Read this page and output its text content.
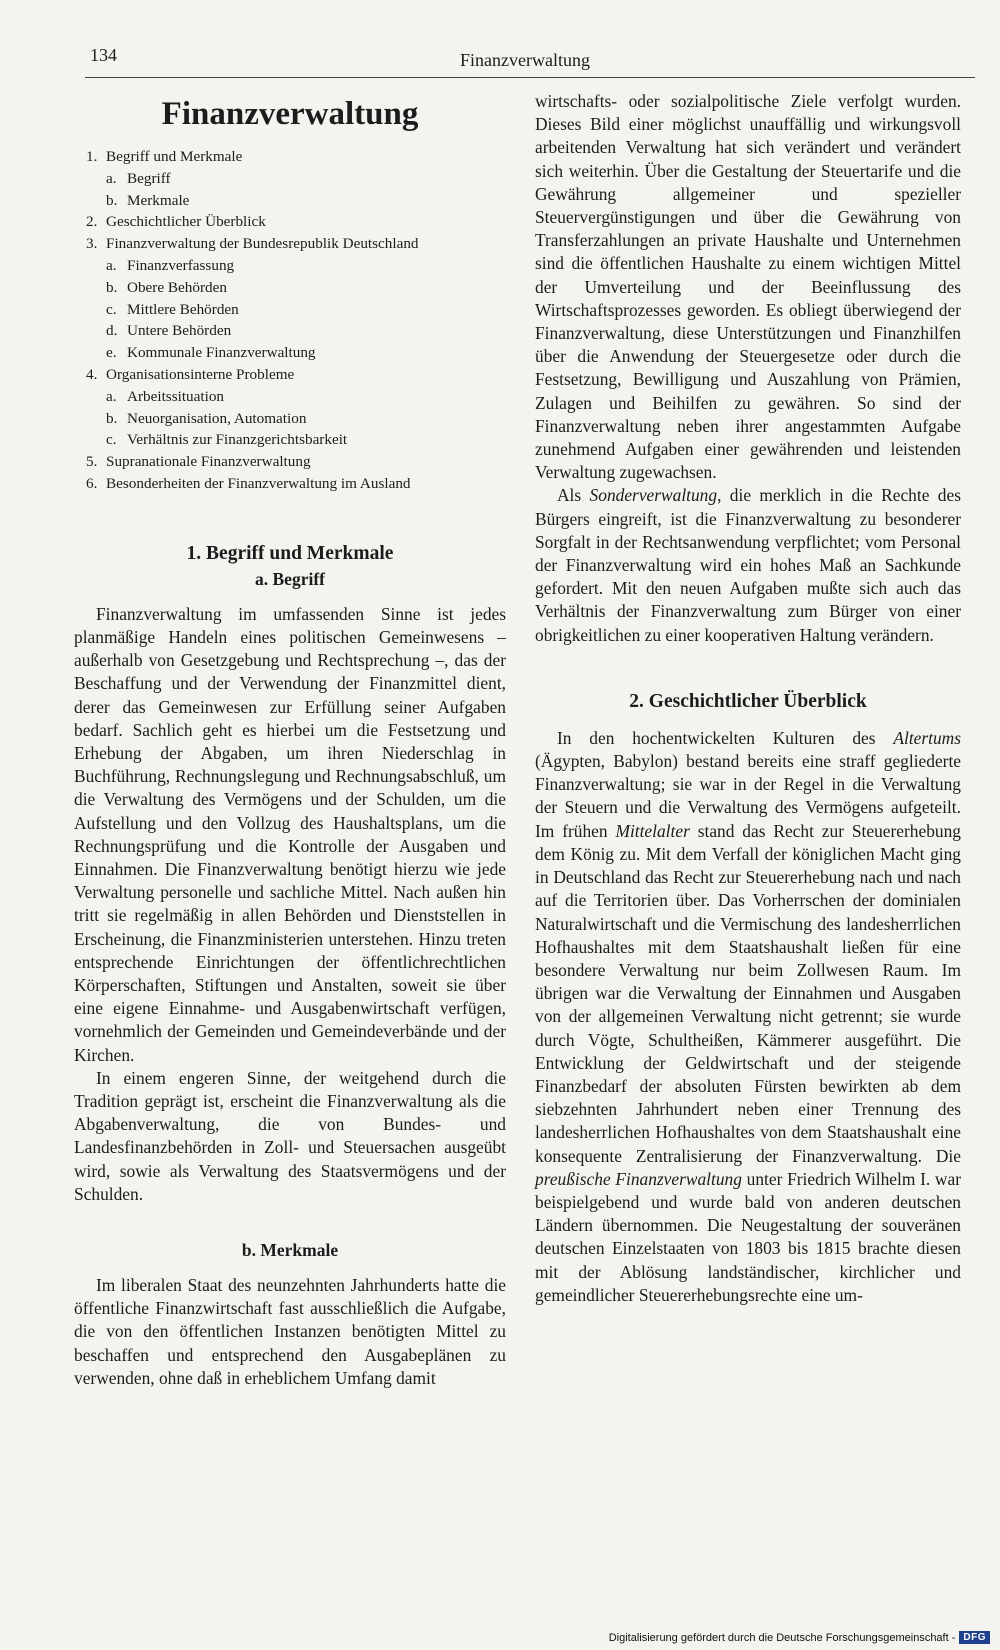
134	Finanzverwaltung
Finanzverwaltung
1. Begriff und Merkmale
a. Begriff
b. Merkmale
2. Geschichtlicher Überblick
3. Finanzverwaltung der Bundesrepublik Deutschland
a. Finanzverfassung
b. Obere Behörden
c. Mittlere Behörden
d. Untere Behörden
e. Kommunale Finanzverwaltung
4. Organisationsinterne Probleme
a. Arbeitssituation
b. Neuorganisation, Automation
c. Verhältnis zur Finanzgerichtsbarkeit
5. Supranationale Finanzverwaltung
6. Besonderheiten der Finanzverwaltung im Ausland
1. Begriff und Merkmale
a. Begriff

Finanzverwaltung im umfassenden Sinne ist jedes planmäßige Handeln eines politischen Gemeinwesens – außerhalb von Gesetzgebung und Rechtsprechung –, das der Beschaffung und der Verwendung der Finanzmittel dient, derer das Gemeinwesen zur Erfüllung seiner Aufgaben bedarf. Sachlich geht es hierbei um die Festsetzung und Erhebung der Abgaben, um ihren Niederschlag in Buchführung, Rechnungslegung und Rechnungsabschluß, um die Verwaltung des Vermögens und der Schulden, um die Aufstellung und den Vollzug des Haushaltsplans, um die Rechnungsprüfung und die Kontrolle der Ausgaben und Einnahmen. Die Finanzverwaltung benötigt hierzu wie jede Verwaltung personelle und sachliche Mittel. Nach außen hin tritt sie regelmäßig in allen Behörden und Dienststellen in Erscheinung, die Finanzministerien unterstehen. Hinzu treten entsprechende Einrichtungen der öffentlichrechtlichen Körperschaften, Stiftungen und Anstalten, soweit sie über eine eigene Einnahme- und Ausgabenwirtschaft verfügen, vornehmlich der Gemeinden und Gemeindeverbände und der Kirchen.

In einem engeren Sinne, der weitgehend durch die Tradition geprägt ist, erscheint die Finanzverwaltung als die Abgabenverwaltung, die von Bundes- und Landesfinanzbehörden in Zoll- und Steuersachen ausgeübt wird, sowie als Verwaltung des Staatsvermögens und der Schulden.

b. Merkmale

Im liberalen Staat des neunzehnten Jahrhunderts hatte die öffentliche Finanzwirtschaft fast ausschließlich die Aufgabe, die von den öffentlichen Instanzen benötigten Mittel zu beschaffen und entsprechend den Ausgabeplänen zu verwenden, ohne daß in erheblichem Umfang damit

wirtschafts- oder sozialpolitische Ziele verfolgt wurden. Dieses Bild einer möglichst unauffällig und wirkungsvoll arbeitenden Verwaltung hat sich verändert und verändert sich weiterhin. Über die Gestaltung der Steuertarife und die Gewährung allgemeiner und spezieller Steuervergünstigungen und über die Gewährung von Transferzahlungen an private Haushalte und Unternehmen sind die öffentlichen Haushalte zu einem wichtigen Mittel der Umverteilung und der Beeinflussung des Wirtschaftsprozesses geworden. Es obliegt überwiegend der Finanzverwaltung, diese Unterstützungen und Finanzhilfen über die Anwendung der Steuergesetze oder durch die Festsetzung, Bewilligung und Auszahlung von Prämien, Zulagen und Beihilfen zu gewähren. So sind der Finanzverwaltung neben ihrer angestammten Aufgabe zunehmend Aufgaben einer gewährenden und leistenden Verwaltung zugewachsen.

Als Sonderverwaltung, die merklich in die Rechte des Bürgers eingreift, ist die Finanzverwaltung zu besonderer Sorgfalt in der Rechtsanwendung verpflichtet; vom Personal der Finanzverwaltung wird ein hohes Maß an Sachkunde gefordert. Mit den neuen Aufgaben mußte sich auch das Verhältnis der Finanzverwaltung zum Bürger von einer obrigkeitlichen zu einer kooperativen Haltung verändern.

2. Geschichtlicher Überblick

In den hochentwickelten Kulturen des Altertums (Ägypten, Babylon) bestand bereits eine straff gegliederte Finanzverwaltung; sie war in der Regel in die Verwaltung der Steuern und die Verwaltung des Vermögens aufgeteilt. Im frühen Mittelalter stand das Recht zur Steuererhebung dem König zu. Mit dem Verfall der königlichen Macht ging in Deutschland das Recht zur Steuererhebung nach und nach auf die Territorien über. Das Vorherrschen der dominialen Naturalwirtschaft und die Vermischung des landesherrlichen Hofhaushaltes mit dem Staatshaushalt ließen für eine besondere Verwaltung nur beim Zollwesen Raum. Im übrigen war die Verwaltung der Einnahmen und Ausgaben von der allgemeinen Verwaltung nicht getrennt; sie wurde durch Vögte, Schultheißen, Kämmerer ausgeführt. Die Entwicklung der Geldwirtschaft und der steigende Finanzbedarf der absoluten Fürsten bewirkten ab dem siebzehnten Jahrhundert neben einer Trennung des landesherrlichen Hofhaushaltes von dem Staatshaushalt eine konsequente Zentralisierung der Finanzverwaltung. Die preußische Finanzverwaltung unter Friedrich Wilhelm I. war beispielgebend und wurde bald von anderen deutschen Ländern übernommen. Die Neugestaltung der souveränen deutschen Einzelstaaten von 1803 bis 1815 brachte diesen mit der Ablösung landständischer, kirchlicher und gemeindlicher Steuererhebungsrechte eine um-

Digitalisierung gefördert durch die Deutsche Forschungsgemeinschaft - DFG
